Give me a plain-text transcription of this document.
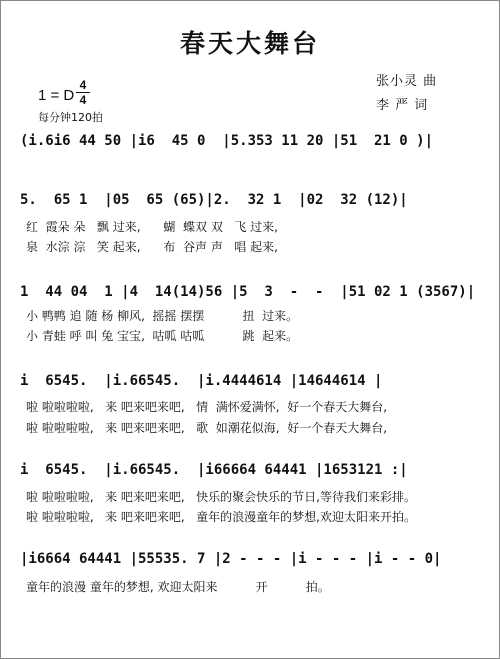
春天大舞台
1 = D
4
4
每分钟120拍
张小灵 曲
李 严 词
(i.6i6 44 50 |i6  45 0  |5.353 11 20 |51  21 0 )|
5.  65 1  |05  65 (65)|2.  32 1  |02  32 (12)|
红  霞朵 朵   飘 过来,      蝴  蝶双 双   飞 过来,
泉  水淙 淙   笑 起来,      布  谷声 声   唱 起来,
1  44 04  1 |4  14(14)56 |5  3  -  -  |51 02 1 (3567)|
小 鸭鸭 追 随 杨 柳风,  摇摇 摆摆          扭  过来。
小 青蛙 呼 叫 兔 宝宝,  咕呱 咕呱          跳  起来。
i  6545.  |i.66545.  |i.4444614 |14644614 |
啦 啦啦啦啦,   来 吧来吧来吧,   情  满怀爱满怀,  好一个春天大舞台,
啦 啦啦啦啦,   来 吧来吧来吧,   歌  如潮花似海,  好一个春天大舞台,
i  6545.  |i.66545.  |i66664 64441 |1653121 :|
啦 啦啦啦啦,   来 吧来吧来吧,   快乐的聚会快乐的节日,等待我们来彩排。
啦 啦啦啦啦,   来 吧来吧来吧,   童年的浪漫童年的梦想,欢迎太阳来开拍。
|i6664 64441 |55535. 7 |2 - - - |i - - - |i - - 0|
童年的浪漫 童年的梦想, 欢迎太阳来          开          拍。
